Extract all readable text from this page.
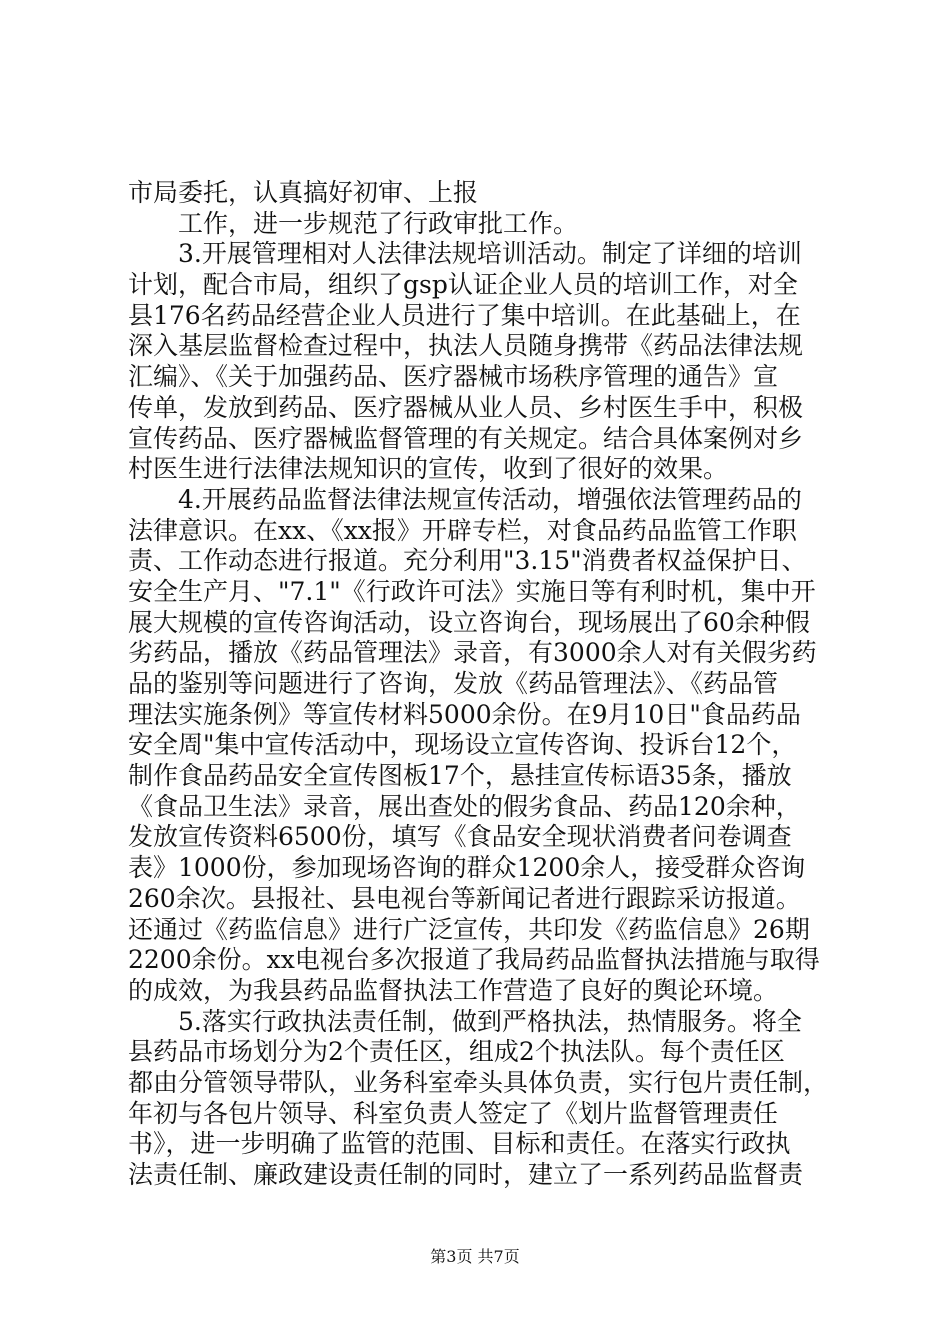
市局委托，认真搞好初审、上报
工作，进一步规范了行政审批工作。
3.开展管理相对人法律法规培训活动。制定了详细的培训
计划，配合市局，组织了gsp认证企业人员的培训工作，对全
县176名药品经营企业人员进行了集中培训。在此基础上，在
深入基层监督检查过程中，执法人员随身携带《药品法律法规
汇编》、《关于加强药品、医疗器械市场秩序管理的通告》宣
传单，发放到药品、医疗器械从业人员、乡村医生手中，积极
宣传药品、医疗器械监督管理的有关规定。结合具体案例对乡
村医生进行法律法规知识的宣传，收到了很好的效果。
4.开展药品监督法律法规宣传活动，增强依法管理药品的
法律意识。在xx、《xx报》开辟专栏，对食品药品监管工作职
责、工作动态进行报道。充分利用"3.15"消费者权益保护日、
安全生产月、"7.1"《行政许可法》实施日等有利时机，集中开
展大规模的宣传咨询活动，设立咨询台，现场展出了60余种假
劣药品，播放《药品管理法》录音，有3000余人对有关假劣药
品的鉴别等问题进行了咨询，发放《药品管理法》、《药品管
理法实施条例》等宣传材料5000余份。在9月10日"食品药品
安全周"集中宣传活动中，现场设立宣传咨询、投诉台12个，
制作食品药品安全宣传图板17个，悬挂宣传标语35条，播放
《食品卫生法》录音，展出查处的假劣食品、药品120余种，
发放宣传资料6500份，填写《食品安全现状消费者问卷调查
表》1000份，参加现场咨询的群众1200余人，接受群众咨询
260余次。县报社、县电视台等新闻记者进行跟踪采访报道。
还通过《药监信息》进行广泛宣传，共印发《药监信息》26期
2200余份。xx电视台多次报道了我局药品监督执法措施与取得
的成效，为我县药品监督执法工作营造了良好的舆论环境。
5.落实行政执法责任制，做到严格执法，热情服务。将全
县药品市场划分为2个责任区，组成2个执法队。每个责任区
都由分管领导带队，业务科室牵头具体负责，实行包片责任制，
年初与各包片领导、科室负责人签定了《划片监督管理责任
书》，进一步明确了监管的范围、目标和责任。在落实行政执
法责任制、廉政建设责任制的同时，建立了一系列药品监督责
第3页 共7页
